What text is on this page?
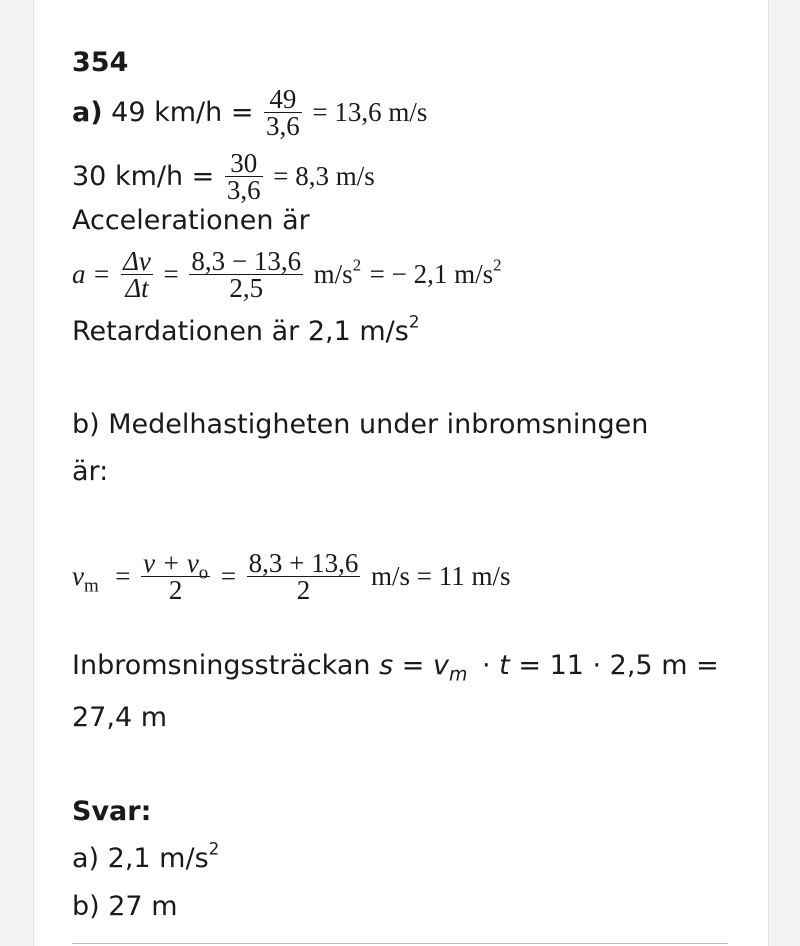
354
a) 49 $km/h = \frac{49}{3,6} = 13,6$ m/s
30 $km/h = \frac{30}{3,6} = 8,3$ m/s
Accelerationen är
$a = \frac{\Delta v}{\Delta t} = \frac{8,3 - 13,6}{2,5} m/s^2$ = − 2,1 $m/s^2$
Retardationen är 2,1 $m/s^2$
b) Medelhastigheten under inbromsningen
är:
$v_m = \frac{v + v_o}{2} = \frac{8,3 + 13,6}{2} m/s = 11$ m/s
Inbromsningssträckan $s = v_m \cdot t = 11 \cdot 2,5$ m =
27,4 m
Svar:
a) 2,1 $m/s^2$
b) 27 m
